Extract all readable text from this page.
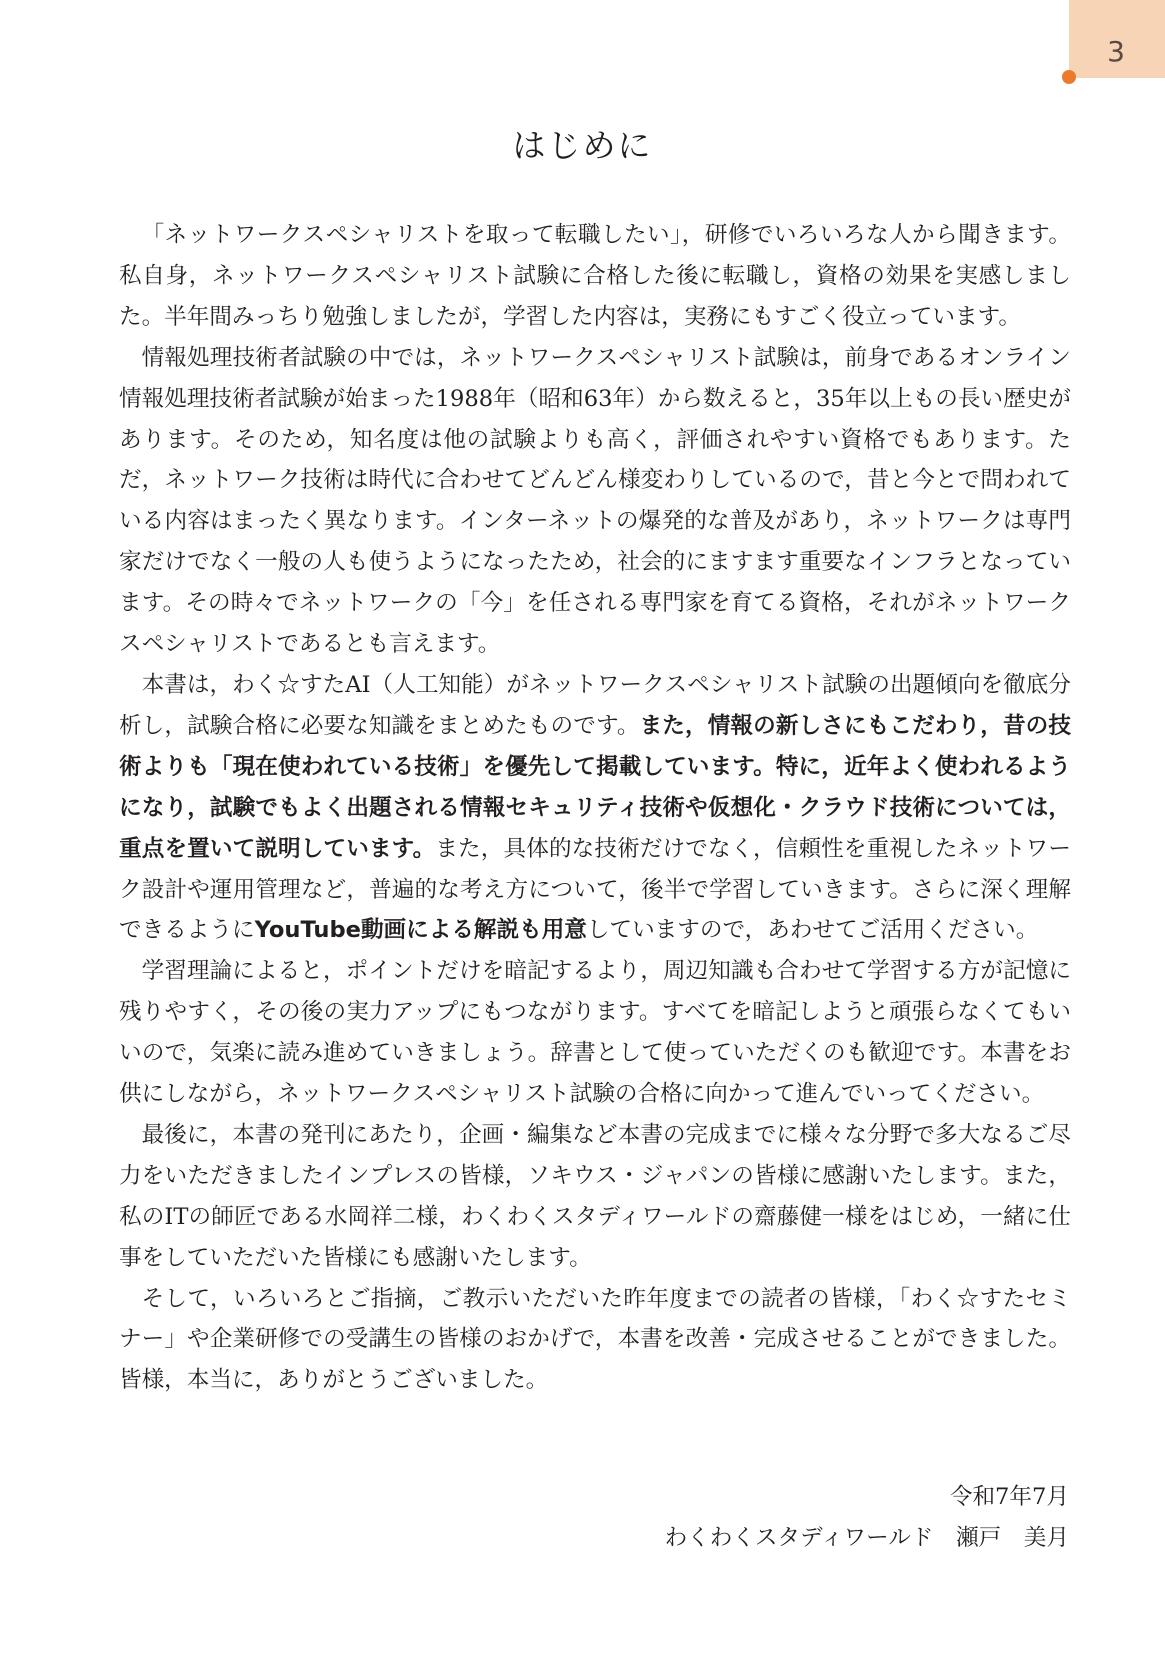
3
はじめに

「ネットワークスペシャリストを取って転職したい」，研修でいろいろな人から聞きます。私自身，ネットワークスペシャリスト試験に合格した後に転職し，資格の効果を実感しました。半年間みっちり勉強しましたが，学習した内容は，実務にもすごく役立っています。

情報処理技術者試験の中では，ネットワークスペシャリスト試験は，前身であるオンライン情報処理技術者試験が始まった1988年（昭和63年）から数えると，35年以上もの長い歴史があります。そのため，知名度は他の試験よりも高く，評価されやすい資格でもあります。ただ，ネットワーク技術は時代に合わせてどんどん様変わりしているので，昔と今とで問われている内容はまったく異なります。インターネットの爆発的な普及があり，ネットワークは専門家だけでなく一般の人も使うようになったため，社会的にますます重要なインフラとなっています。その時々でネットワークの「今」を任される専門家を育てる資格，それがネットワークスペシャリストであるとも言えます。

本書は，わく☆すたAI（人工知能）がネットワークスペシャリスト試験の出題傾向を徹底分析し，試験合格に必要な知識をまとめたものです。また，情報の新しさにもこだわり，昔の技術よりも「現在使われている技術」を優先して掲載しています。特に，近年よく使われるようになり，試験でもよく出題される情報セキュリティ技術や仮想化・クラウド技術については，重点を置いて説明しています。また，具体的な技術だけでなく，信頼性を重視したネットワーク設計や運用管理など，普遍的な考え方について，後半で学習していきます。さらに深く理解できるようにYouTube動画による解説も用意していますので，あわせてご活用ください。

学習理論によると，ポイントだけを暗記するより，周辺知識も合わせて学習する方が記憶に残りやすく，その後の実力アップにもつながります。すべてを暗記しようと頑張らなくてもいいので，気楽に読み進めていきましょう。辞書として使っていただくのも歓迎です。本書をお供にしながら，ネットワークスペシャリスト試験の合格に向かって進んでいってください。

最後に，本書の発刊にあたり，企画・編集など本書の完成までに様々な分野で多大なるご尽力をいただきましたインプレスの皆様，ソキウス・ジャパンの皆様に感謝いたします。また，私のITの師匠である水岡祥二様，わくわくスタディワールドの齋藤健一様をはじめ，一緒に仕事をしていただいた皆様にも感謝いたします。

そして，いろいろとご指摘，ご教示いただいた昨年度までの読者の皆様，「わく☆すたセミナー」や企業研修での受講生の皆様のおかげで，本書を改善・完成させることができました。皆様，本当に，ありがとうございました。

令和7年7月
わくわくスタディワールド　瀬戸　美月
